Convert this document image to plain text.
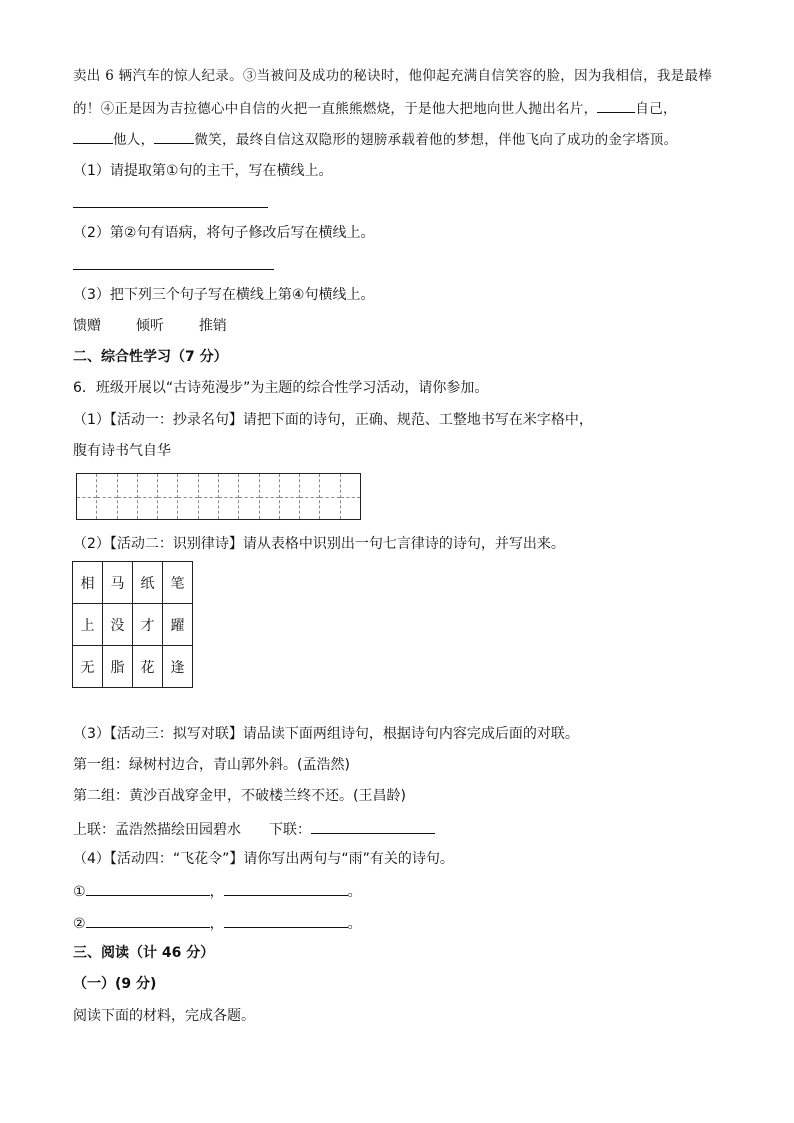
卖出 6 辆汽车的惊人纪录。③当被问及成功的秘诀时，他仰起充满自信笑容的脸，因为我相信，我是最棒
的！④正是因为吉拉德心中自信的火把一直熊熊燃烧，于是他大把地向世人抛出名片，	自己，
他人，	微笑，最终自信这双隐形的翅膀承载着他的梦想，伴他飞向了成功的金字塔顶。
（1）请提取第①句的主干，写在横线上。
（2）第②句有语病，将句子修改后写在横线上。
（3）把下列三个句子写在横线上第④句横线上。
馈赠 倾听 推销
二、综合性学习（7 分）
6．班级开展以“古诗苑漫步”为主题的综合性学习活动，请你参加。
（1）【活动一：抄录名句】请把下面的诗句，正确、规范、工整地书写在米字格中，
腹有诗书气自华
（2）【活动二：识别律诗】请从表格中识别出一句七言律诗的诗句，并写出来。
相	马	纸	笔
上	没	才	躍
无	脂	花	逢
（3）【活动三：拟写对联】请品读下面两组诗句，根据诗句内容完成后面的对联。
第一组：绿树村边合，青山郭外斜。(孟浩然)
第二组：黄沙百战穿金甲，不破楼兰终不还。(王昌龄)
上联：孟浩然描绘田园碧水 下联：
（4）【活动四：“飞花令”】请你写出两句与“雨”有关的诗句。
①	，	。
②	，	。
三、阅读（计 46 分）
（一）(9 分)
阅读下面的材料，完成各题。
